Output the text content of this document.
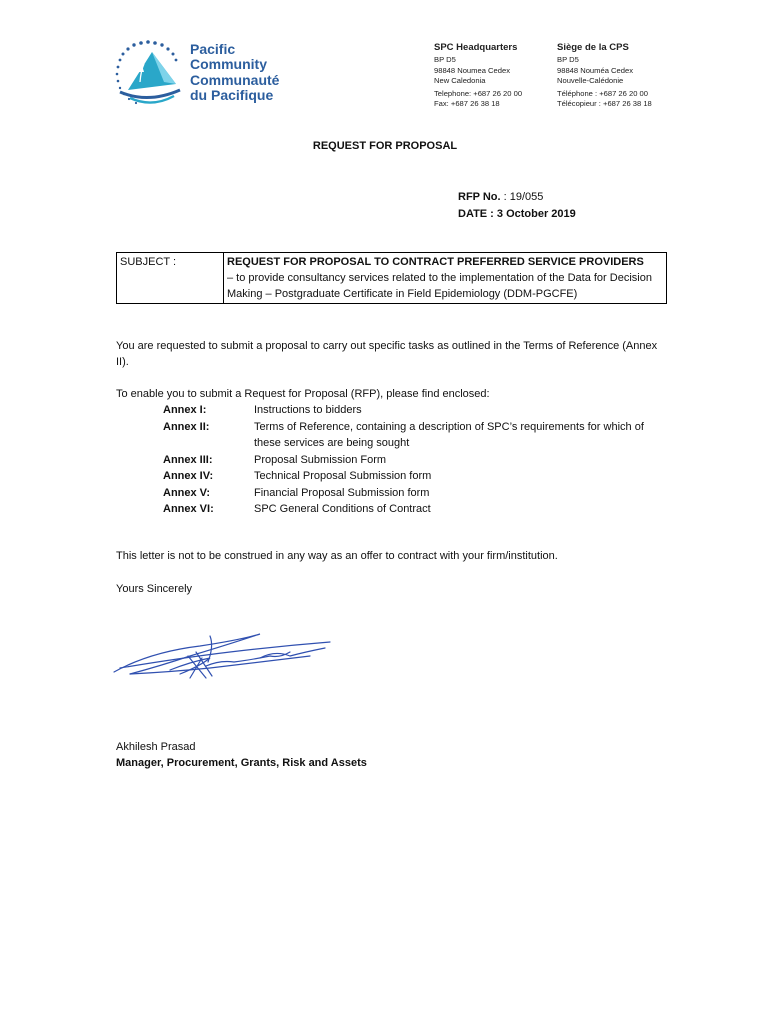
Pacific
Community
Communauté
du Pacifique
SPC Headquarters
BP D5
98848 Noumea Cedex
New Caledonia
Telephone: +687 26 20 00
Fax: +687 26 38 18
Siège de la CPS
BP D5
98848 Nouméa Cedex
Nouvelle-Calédonie
Téléphone : +687 26 20 00
Télécopieur : +687 26 38 18
REQUEST FOR PROPOSAL
RFP No. : 19/055
DATE : 3 October 2019
SUBJECT :	REQUEST FOR PROPOSAL TO CONTRACT PREFERRED SERVICE PROVIDERS
– to provide consultancy services related to the implementation of the Data for Decision Making – Postgraduate Certificate in Field Epidemiology (DDM-PGCFE)
You are requested to submit a proposal to carry out specific tasks as outlined in the Terms of Reference (Annex II).
To enable you to submit a Request for Proposal (RFP), please find enclosed:
Annex I:	Instructions to bidders
Annex II:	Terms of Reference, containing a description of SPC’s requirements for which of these services are being sought
Annex III:	Proposal Submission Form
Annex IV:	Technical Proposal Submission form
Annex V:	Financial Proposal Submission form
Annex VI:	SPC General Conditions of Contract
This letter is not to be construed in any way as an offer to contract with your firm/institution.
Yours Sincerely
Akhilesh Prasad
Manager, Procurement, Grants, Risk and Assets
